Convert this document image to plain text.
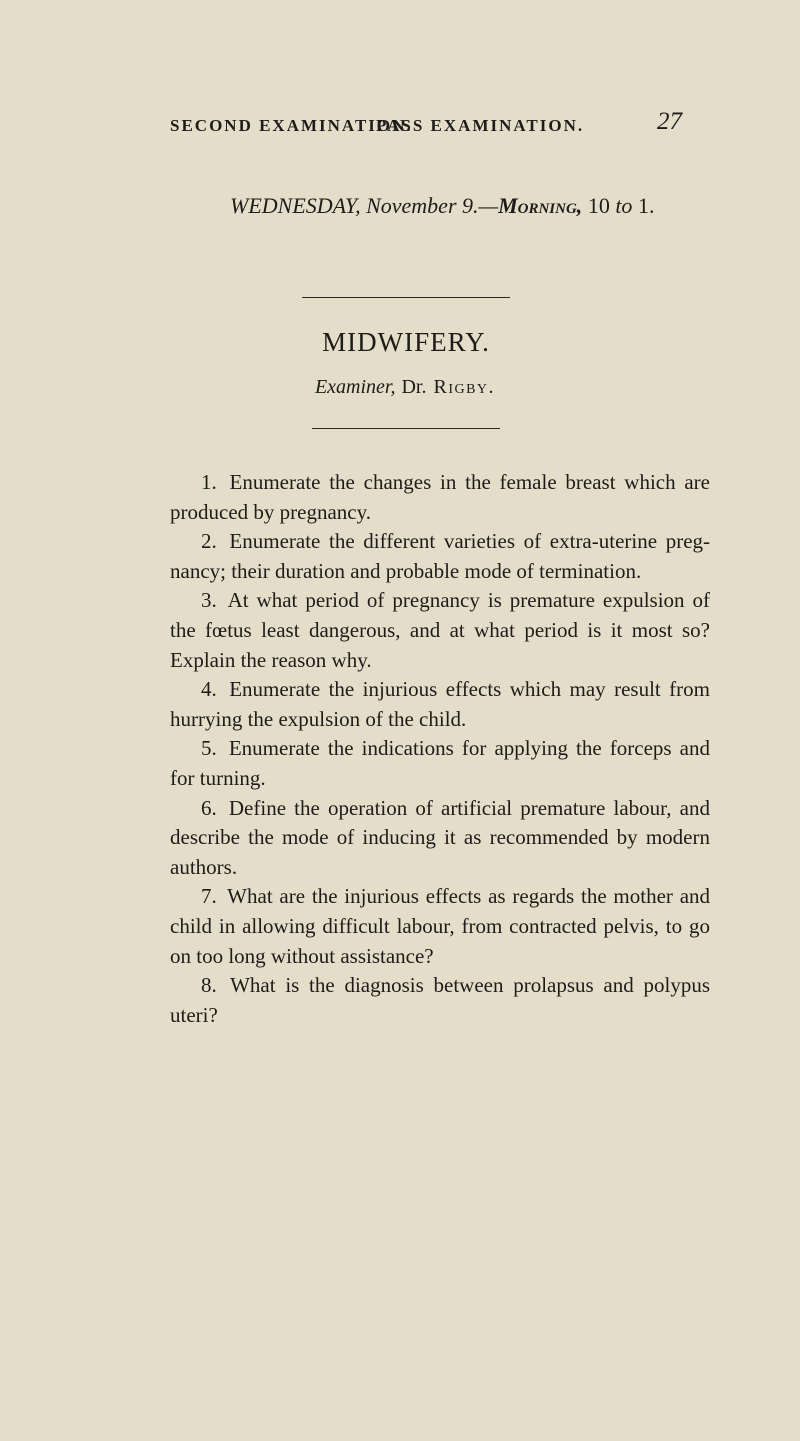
SECOND EXAMINATION.
PASS EXAMINATION.	27
WEDNESDAY, November 9.—Morning, 10 to 1.
MIDWIFERY.
Examiner, Dr. Rigby.
1. Enumerate the changes in the female breast which are produced by pregnancy.
2. Enumerate the different varieties of extra-uterine preg-nancy; their duration and probable mode of termination.
3. At what period of pregnancy is premature expulsion of the fœtus least dangerous, and at what period is it most so? Explain the reason why.
4. Enumerate the injurious effects which may result from hurrying the expulsion of the child.
5. Enumerate the indications for applying the forceps and for turning.
6. Define the operation of artificial premature labour, and describe the mode of inducing it as recommended by modern authors.
7. What are the injurious effects as regards the mother and child in allowing difficult labour, from contracted pelvis, to go on too long without assistance?
8. What is the diagnosis between prolapsus and polypus uteri?
